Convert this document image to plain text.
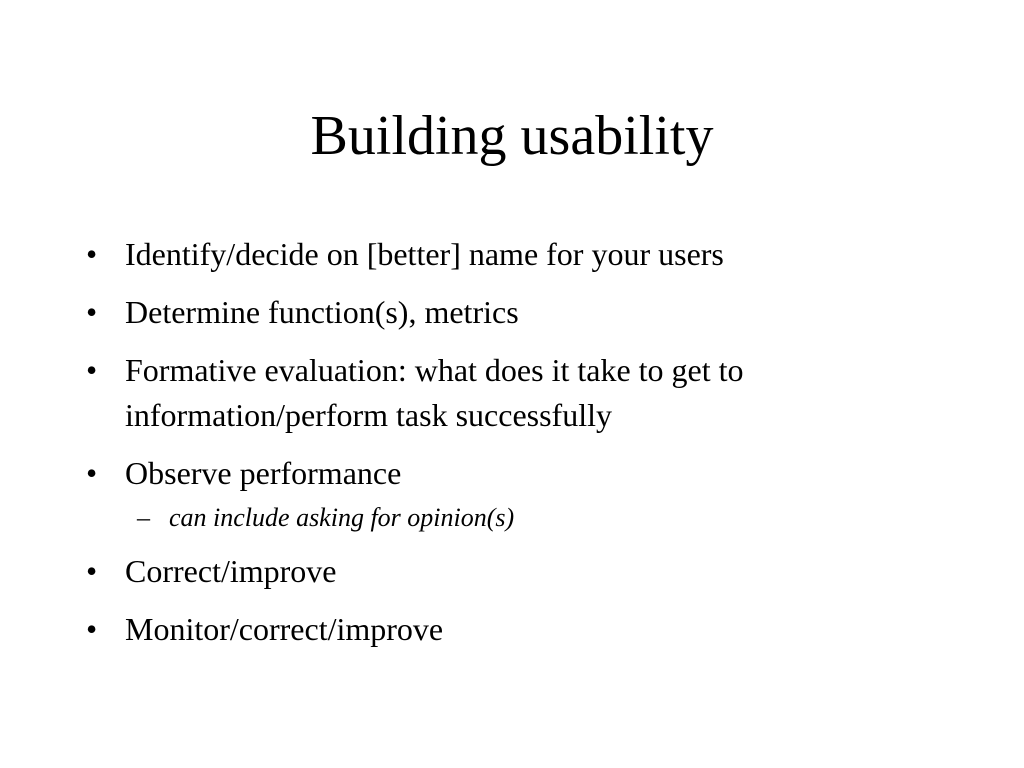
Building usability
• Identify/decide on [better] name for your users
• Determine function(s), metrics
• Formative evaluation: what does it take to get to information/perform task successfully
• Observe performance
– can include asking for opinion(s)
• Correct/improve
• Monitor/correct/improve
